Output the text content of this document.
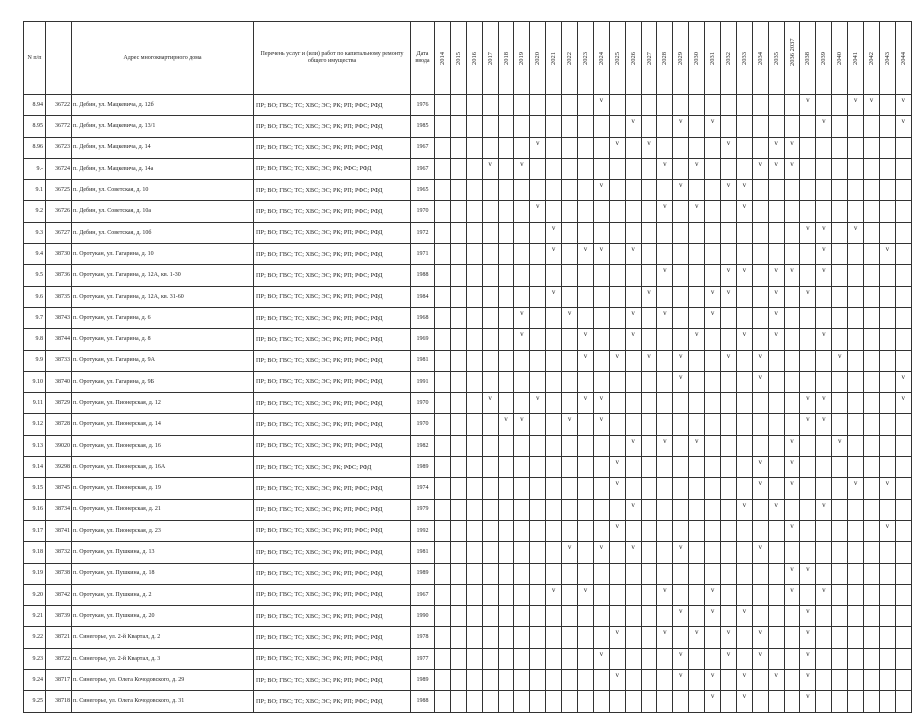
N п/п		Адрес многоквартирного дома	Перечень услуг и (или) работ по капитальному ремонту общего имущества	Дата ввода	2014	2015	2016	2017	2018	2019	2020	2021	2022	2023	2024	2025	2026	2027	2028	2029	2030	2031	2032	2033	2034	2035	2036 2037	2038	2039	2040	2041	2042	2043	2044

8.94	36722	п. Дебин, ул. Мацкевича, д. 12б	ПР; ВО; ГВС; ТС; ХВС; ЭС; РК; РП; РФС; РФД	1976											v													v			v	v		v
8.95	36772	п. Дебин, ул. Мацкевича, д. 13/1	ПР; ВО; ГВС; ТС; ХВС; ЭС; РК; РП; РФС; РФД	1985													v			v		v							v					v
8.96	36723	п. Дебин, ул. Мацкевича, д. 14	ПР; ВО; ГВС; ТС; ХВС; ЭС; РК; РП; РФС; РФД	1967							v					v		v					v			v	v							
9.-	36724	п. Дебин, ул. Мацкевича, д. 14а	ПР; ВО; ГВС; ТС; ХВС; ЭС; РК; РФС; РФД	1967				v		v									v		v				v	v	v							
9.1	36725	п. Дебин, ул. Советская, д. 10	ПР; ВО; ГВС; ТС; ХВС; ЭС; РК; РП; РФС; РФД	1965											v					v			v	v										
9.2	36726	п. Дебин, ул. Советская, д. 10а	ПР; ВО; ГВС; ТС; ХВС; ЭС; РК; РП; РФС; РФД	1970							v								v		v			v										
9.3	36727	п. Дебин, ул. Советская, д. 10б	ПР; ВО; ГВС; ТС; ХВС; ЭС; РК; РП; РФС; РФД	1972								v																v	v		v			
9.4	38730	п. Оротукан, ул. Гагарина, д. 10	ПР; ВО; ГВС; ТС; ХВС; ЭС; РК; РП; РФС; РФД	1971								v		v	v		v												v				v	
9.5	38736	п. Оротукан, ул. Гагарина, д. 12А, кв. 1-30	ПР; ВО; ГВС; ТС; ХВС; ЭС; РК; РП; РФС; РФД	1988															v				v	v		v	v		v					
9.6	38735	п. Оротукан, ул. Гагарина, д. 12А, кв. 31-60	ПР; ВО; ГВС; ТС; ХВС; ЭС; РК; РП; РФС; РФД	1984								v						v				v	v			v		v						
9.7	38743	п. Оротукан, ул. Гагарина, д. 6	ПР; ВО; ГВС; ТС; ХВС; ЭС; РК; РП; РФС; РФД	1968						v			v				v		v			v				v								
9.8	38744	п. Оротукан, ул. Гагарина, д. 8	ПР; ВО; ГВС; ТС; ХВС; ЭС; РК; РП; РФС; РФД	1969						v				v			v				v			v		v			v					
9.9	38733	п. Оротукан, ул. Гагарина, д. 9А	ПР; ВО; ГВС; ТС; ХВС; ЭС; РК; РП; РФС; РФД	1981										v		v		v		v			v		v					v				
9.10	38740	п. Оротукан, ул. Гагарина, д. 9Б	ПР; ВО; ГВС; ТС; ХВС; ЭС; РК; РП; РФС; РФД	1991																v					v									v
9.11	38729	п. Оротукан, ул. Пионерская, д. 12	ПР; ВО; ГВС; ТС; ХВС; ЭС; РК; РП; РФС; РФД	1970				v			v			v	v													v	v					v
9.12	38728	п. Оротукан, ул. Пионерская, д. 14	ПР; ВО; ГВС; ТС; ХВС; ЭС; РК; РП; РФС; РФД	1970					v	v			v		v													v	v					
9.13	39020	п. Оротукан, ул. Пионерская, д. 16	ПР; ВО; ГВС; ТС; ХВС; ЭС; РК; РП; РФС; РФД	1982													v		v		v						v			v				
9.14	39298	п. Оротукан, ул. Пионерская, д. 16А	ПР; ВО; ГВС; ТС; ХВС; ЭС; РК; РФС; РФД	1989												v									v		v							
9.15	38745	п. Оротукан, ул. Пионерская, д. 19	ПР; ВО; ГВС; ТС; ХВС; ЭС; РК; РП; РФС; РФД	1974												v									v		v				v		v	
9.16	38734	п. Оротукан, ул. Пионерская, д. 21	ПР; ВО; ГВС; ТС; ХВС; ЭС; РК; РП; РФС; РФД	1979													v							v		v			v					
9.17	38741	п. Оротукан, ул. Пионерская, д. 23	ПР; ВО; ГВС; ТС; ХВС; ЭС; РК; РП; РФС; РФД	1992												v											v						v	
9.18	38732	п. Оротукан, ул. Пушкина, д. 13	ПР; ВО; ГВС; ТС; ХВС; ЭС; РК; РП; РФС; РФД	1981									v		v		v			v					v									
9.19	38738	п. Оротукан, ул. Пушкина, д. 18	ПР; ВО; ГВС; ТС; ХВС; ЭС; РК; РП; РФС; РФД	1989																							v	v						
9.20	38742	п. Оротукан, ул. Пушкина, д. 2	ПР; ВО; ГВС; ТС; ХВС; ЭС; РК; РП; РФС; РФД	1967								v		v					v			v					v		v					
9.21	38739	п. Оротукан, ул. Пушкина, д. 20	ПР; ВО; ГВС; ТС; ХВС; ЭС; РК; РП; РФС; РФД	1990																v		v		v				v						
9.22	38721	п. Синегорье, ул. 2-й Квартал, д. 2	ПР; ВО; ГВС; ТС; ХВС; ЭС; РК; РП; РФС; РФД	1978												v			v		v		v		v			v						
9.23	38722	п. Синегорье, ул. 2-й Квартал, д. 3	ПР; ВО; ГВС; ТС; ХВС; ЭС; РК; РП; РФС; РФД	1977											v					v			v		v			v						
9.24	38717	п. Синегорье, ул. Олега Кочодовского, д. 29	ПР; ВО; ГВС; ТС; ХВС; ЭС; РК; РП; РФС; РФД	1989												v				v		v		v		v		v						
9.25	38718	п. Синегорье, ул. Олега Кочодовского, д. 31	ПР; ВО; ГВС; ТС; ХВС; ЭС; РК; РП; РФС; РФД	1988																		v		v				v						
